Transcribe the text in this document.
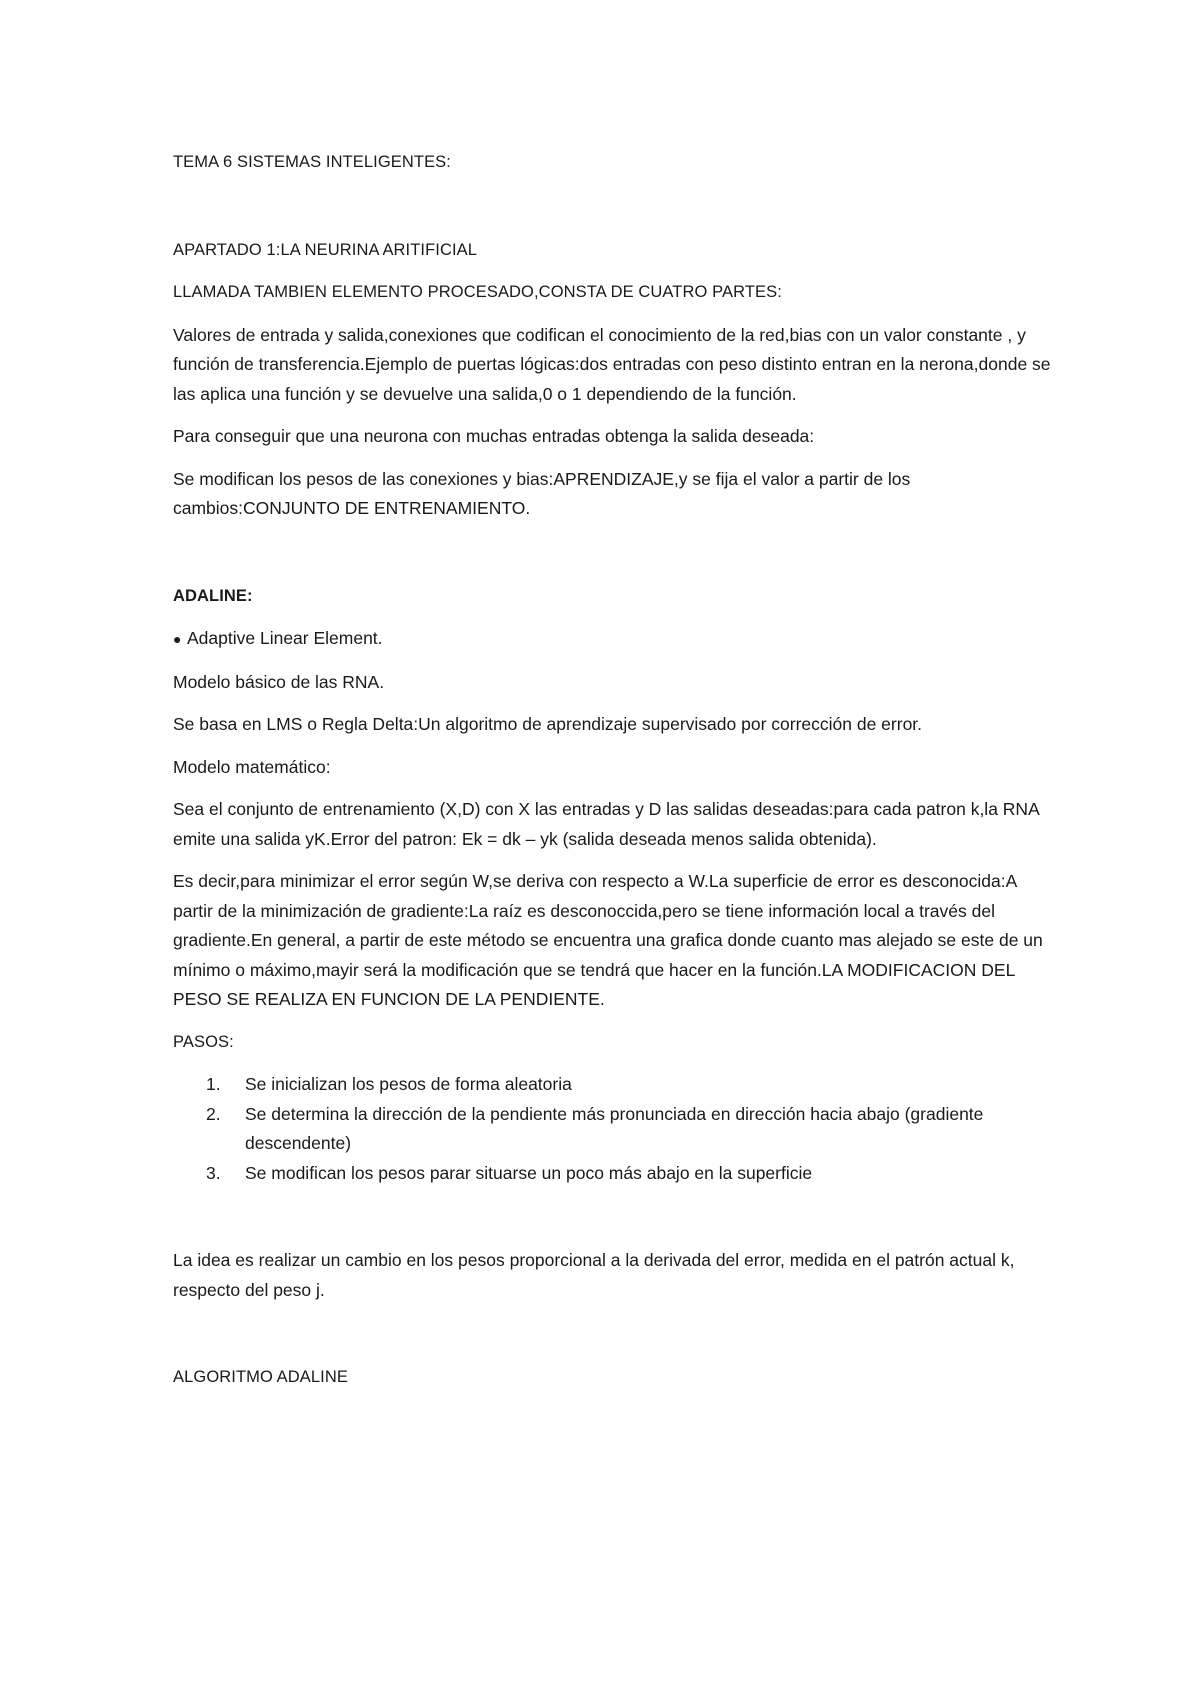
TEMA 6 SISTEMAS INTELIGENTES:

APARTADO 1:LA NEURINA ARITIFICIAL

LLAMADA TAMBIEN ELEMENTO PROCESADO,CONSTA DE CUATRO PARTES:

Valores de entrada y salida,conexiones que codifican el conocimiento de la red,bias con un valor constante , y función de transferencia.Ejemplo de puertas lógicas:dos entradas con peso distinto entran en la nerona,donde se las aplica una función y se devuelve una salida,0 o 1 dependiendo de la función.

Para conseguir que una neurona con muchas entradas obtenga la salida deseada:

Se modifican los pesos de las conexiones y bias:APRENDIZAJE,y se fija el valor a partir de los cambios:CONJUNTO DE ENTRENAMIENTO.

ADALINE:

● Adaptive Linear Element.

Modelo básico de las RNA.

Se basa en LMS o Regla Delta:Un algoritmo de aprendizaje supervisado por corrección de error.

Modelo matemático:

Sea el conjunto de entrenamiento (X,D) con X las entradas y D las salidas deseadas:para cada patron k,la RNA emite una salida yK.Error del patron: Ek = dk – yk (salida deseada menos salida obtenida).

Es decir,para minimizar el error según W,se deriva con respecto a W.La superficie de error es desconocida:A partir de la minimización de gradiente:La raíz es desconoccida,pero se tiene información local a través del gradiente.En general, a partir de este método se encuentra una grafica donde cuanto mas alejado se este de un mínimo o máximo,mayir será la modificación que se tendrá que hacer en la función.LA MODIFICACION DEL PESO SE REALIZA EN FUNCION DE LA PENDIENTE.

PASOS:

1.	Se inicializan los pesos de forma aleatoria
2.	Se determina la dirección de la pendiente más pronunciada en dirección hacia abajo (gradiente descendente)
3.	Se modifican los pesos parar situarse un poco más abajo en la superficie

La idea es realizar un cambio en los pesos proporcional a la derivada del error, medida en el patrón actual k, respecto del peso j.

ALGORITMO ADALINE
